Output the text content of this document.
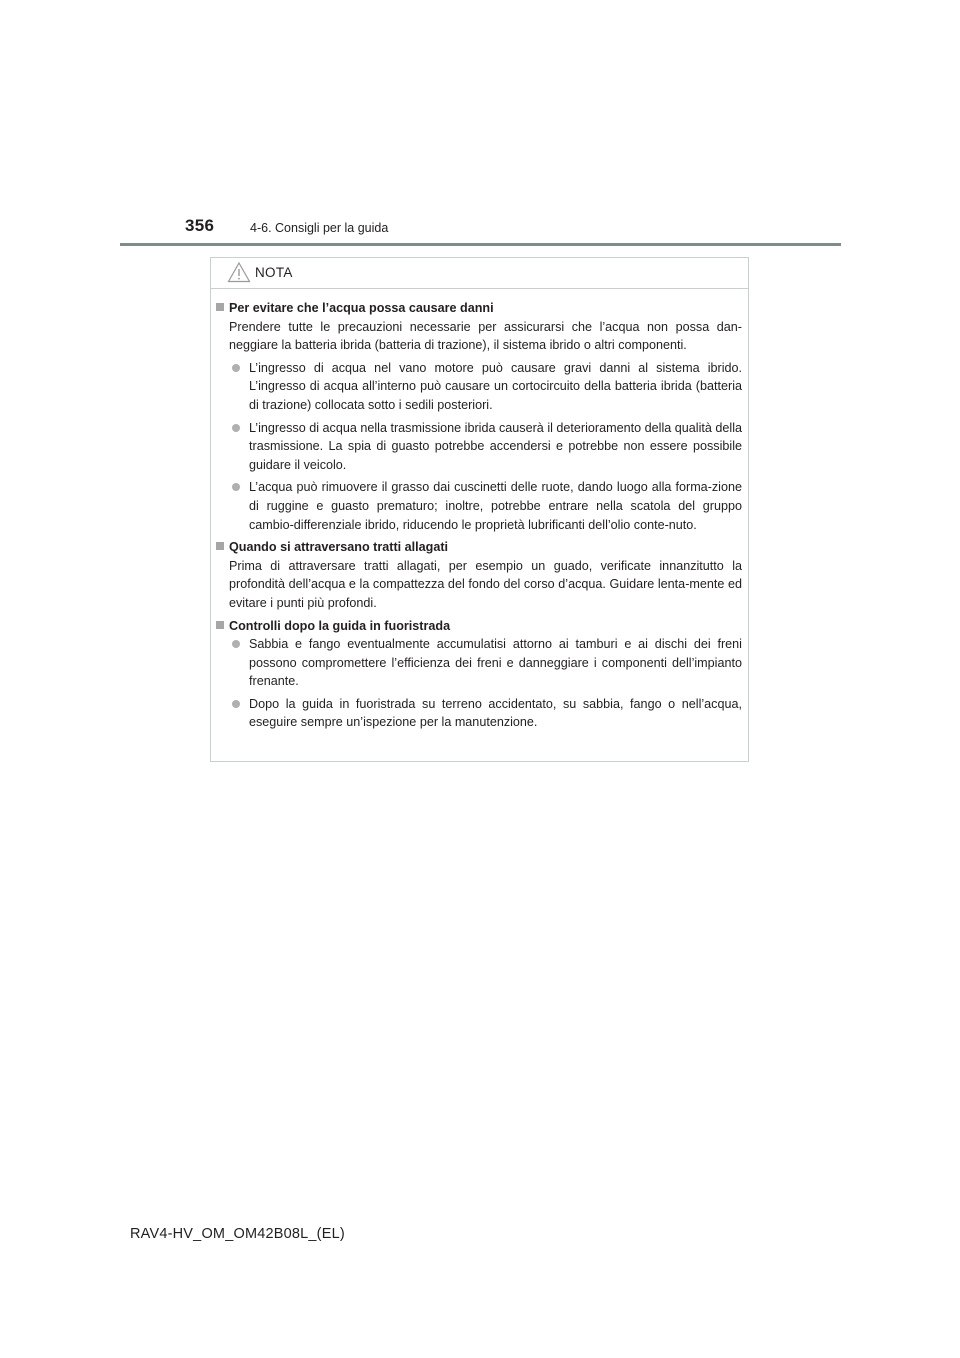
356	4-6. Consigli per la guida
NOTA
Per evitare che l’acqua possa causare danni
Prendere tutte le precauzioni necessarie per assicurarsi che l’acqua non possa dan-neggiare la batteria ibrida (batteria di trazione), il sistema ibrido o altri componenti.
L’ingresso di acqua nel vano motore può causare gravi danni al sistema ibrido. L’ingresso di acqua all’interno può causare un cortocircuito della batteria ibrida (batteria di trazione) collocata sotto i sedili posteriori.
L’ingresso di acqua nella trasmissione ibrida causerà il deterioramento della qualità della trasmissione. La spia di guasto potrebbe accendersi e potrebbe non essere possibile guidare il veicolo.
L’acqua può rimuovere il grasso dai cuscinetti delle ruote, dando luogo alla forma-zione di ruggine e guasto prematuro; inoltre, potrebbe entrare nella scatola del gruppo cambio-differenziale ibrido, riducendo le proprietà lubrificanti dell’olio conte-nuto.
Quando si attraversano tratti allagati
Prima di attraversare tratti allagati, per esempio un guado, verificate innanzitutto la profondità dell’acqua e la compattezza del fondo del corso d’acqua. Guidare lenta-mente ed evitare i punti più profondi.
Controlli dopo la guida in fuoristrada
Sabbia e fango eventualmente accumulatisi attorno ai tamburi e ai dischi dei freni possono compromettere l’efficienza dei freni e danneggiare i componenti dell’impianto frenante.
Dopo la guida in fuoristrada su terreno accidentato, su sabbia, fango o nell’acqua, eseguire sempre un’ispezione per la manutenzione.
RAV4-HV_OM_OM42B08L_(EL)
